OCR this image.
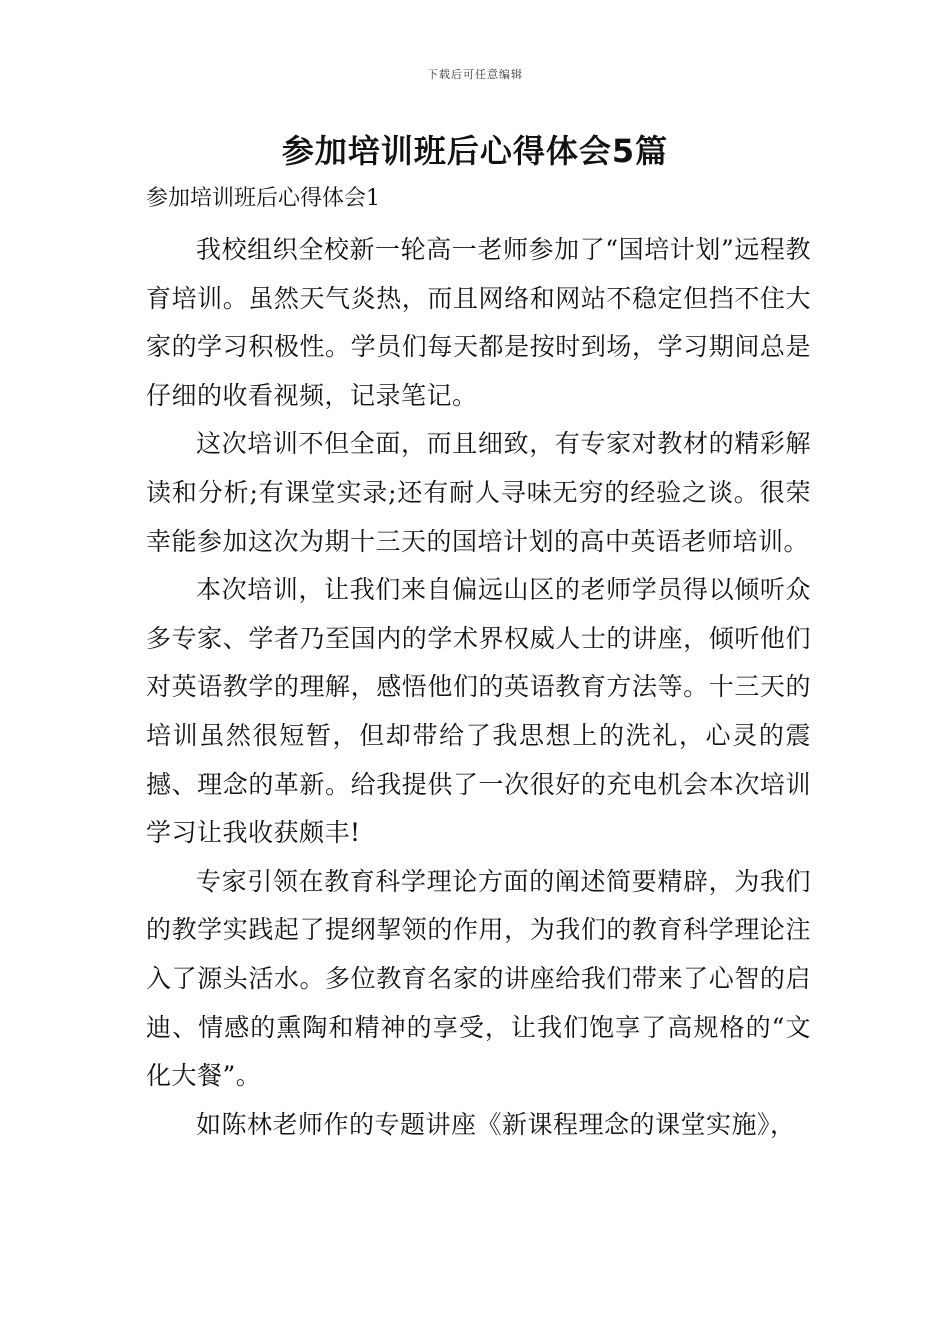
下载后可任意编辑
参加培训班后心得体会5篇
参加培训班后心得体会1

我校组织全校新一轮高一老师参加了“国培计划”远程教育培训。虽然天气炎热，而且网络和网站不稳定但挡不住大家的学习积极性。学员们每天都是按时到场，学习期间总是仔细的收看视频，记录笔记。

这次培训不但全面，而且细致，有专家对教材的精彩解读和分析;有课堂实录;还有耐人寻味无穷的经验之谈。很荣幸能参加这次为期十三天的国培计划的高中英语老师培训。

本次培训，让我们来自偏远山区的老师学员得以倾听众多专家、学者乃至国内的学术界权威人士的讲座，倾听他们对英语教学的理解，感悟他们的英语教育方法等。十三天的培训虽然很短暂，但却带给了我思想上的洗礼，心灵的震撼、理念的革新。给我提供了一次很好的充电机会本次培训学习让我收获颇丰!

专家引领在教育科学理论方面的阐述简要精辟，为我们的教学实践起了提纲挈领的作用，为我们的教育科学理论注入了源头活水。多位教育名家的讲座给我们带来了心智的启迪、情感的熏陶和精神的享受，让我们饱享了高规格的“文化大餐”。

如陈林老师作的专题讲座《新课程理念的课堂实施》，
